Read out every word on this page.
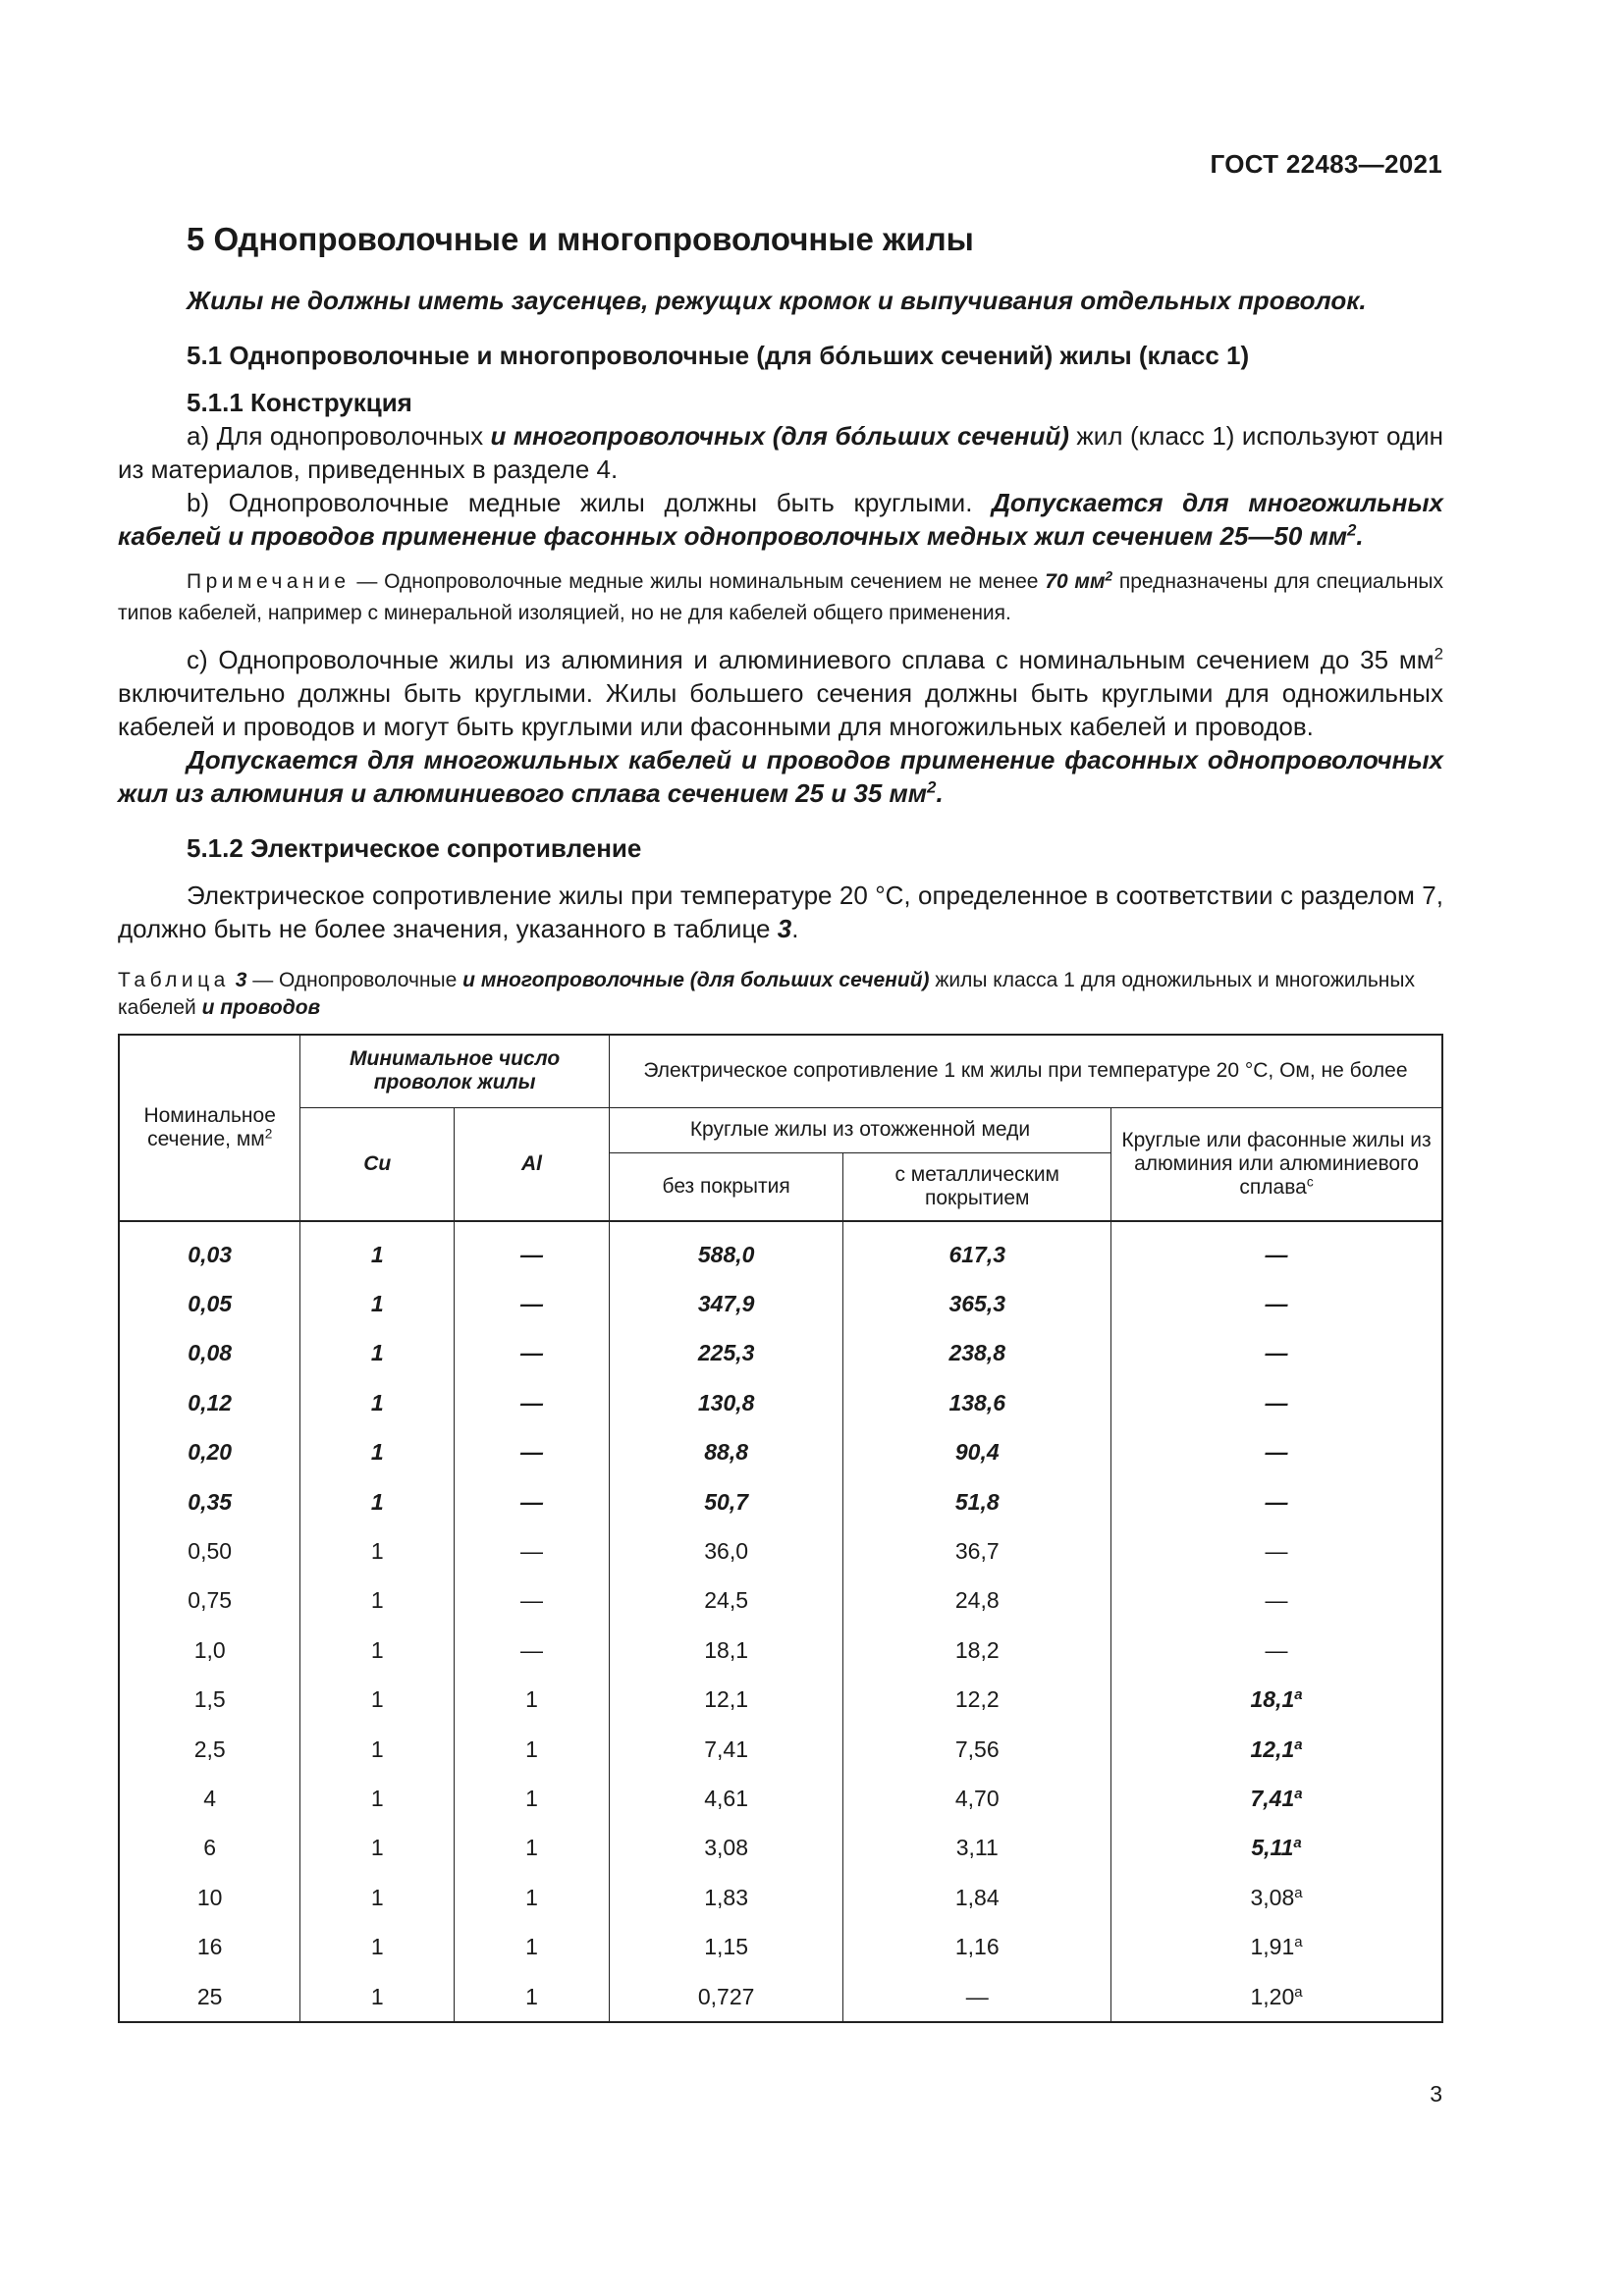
ГОСТ 22483—2021
5 Однопроволочные и многопроволочные жилы

Жилы не должны иметь заусенцев, режущих кромок и выпучивания отдельных проволок.

5.1 Однопроволочные и многопроволочные (для бóльших сечений) жилы (класс 1)

5.1.1 Конструкция

a) Для однопроволочных и многопроволочных (для бóльших сечений) жил (класс 1) используют один из материалов, приведенных в разделе 4.

b) Однопроволочные медные жилы должны быть круглыми. Допускается для многожильных кабелей и проводов применение фасонных однопроволочных медных жил сечением 25—50 $мм^2$.

Примечание — Однопроволочные медные жилы номинальным сечением не менее 70 $мм^2$ предназначены для специальных типов кабелей, например с минеральной изоляцией, но не для кабелей общего применения.

c) Однопроволочные жилы из алюминия и алюминиевого сплава с номинальным сечением до 35 $мм^2$ включительно должны быть круглыми. Жилы большего сечения должны быть круглыми для одножильных кабелей и проводов и могут быть круглыми или фасонными для многожильных кабелей и проводов.

Допускается для многожильных кабелей и проводов применение фасонных однопроволочных жил из алюминия и алюминиевого сплава сечением 25 и 35 $мм^2$.

5.1.2 Электрическое сопротивление

Электрическое сопротивление жилы при температуре 20 °С, определенное в соответствии с разделом 7, должно быть не более значения, указанного в таблице 3.

Таблица 3 — Однопроволочные и многопроволочные (для больших сечений) жилы класса 1 для одножильных и многожильных кабелей и проводов

Номинальное сечение, $мм^2$	Минимальное число проволок жилы		Электрическое сопротивление 1 км жилы при температуре 20 °С, Ом, не более		
	Cu	Al	Круглые жилы из отожженной меди		Круглые или фасонные жилы из алюминия или алюминиевого сплава$^c$
			без покрытия	с металлическим покрытием	
0,03	1	—	588,0	617,3	—
0,05	1	—	347,9	365,3	—
0,08	1	—	225,3	238,8	—
0,12	1	—	130,8	138,6	—
0,20	1	—	88,8	90,4	—
0,35	1	—	50,7	51,8	—
0,50	1	—	36,0	36,7	—
0,75	1	—	24,5	24,8	—
1,0	1	—	18,1	18,2	—
1,5	1	1	12,1	12,2	18,1$^a$
2,5	1	1	7,41	7,56	12,1$^a$
4	1	1	4,61	4,70	7,41$^a$
6	1	1	3,08	3,11	5,11$^a$
10	1	1	1,83	1,84	3,08$^a$
16	1	1	1,15	1,16	1,91$^a$
25	1	1	0,727	—	1,20$^a$
3
